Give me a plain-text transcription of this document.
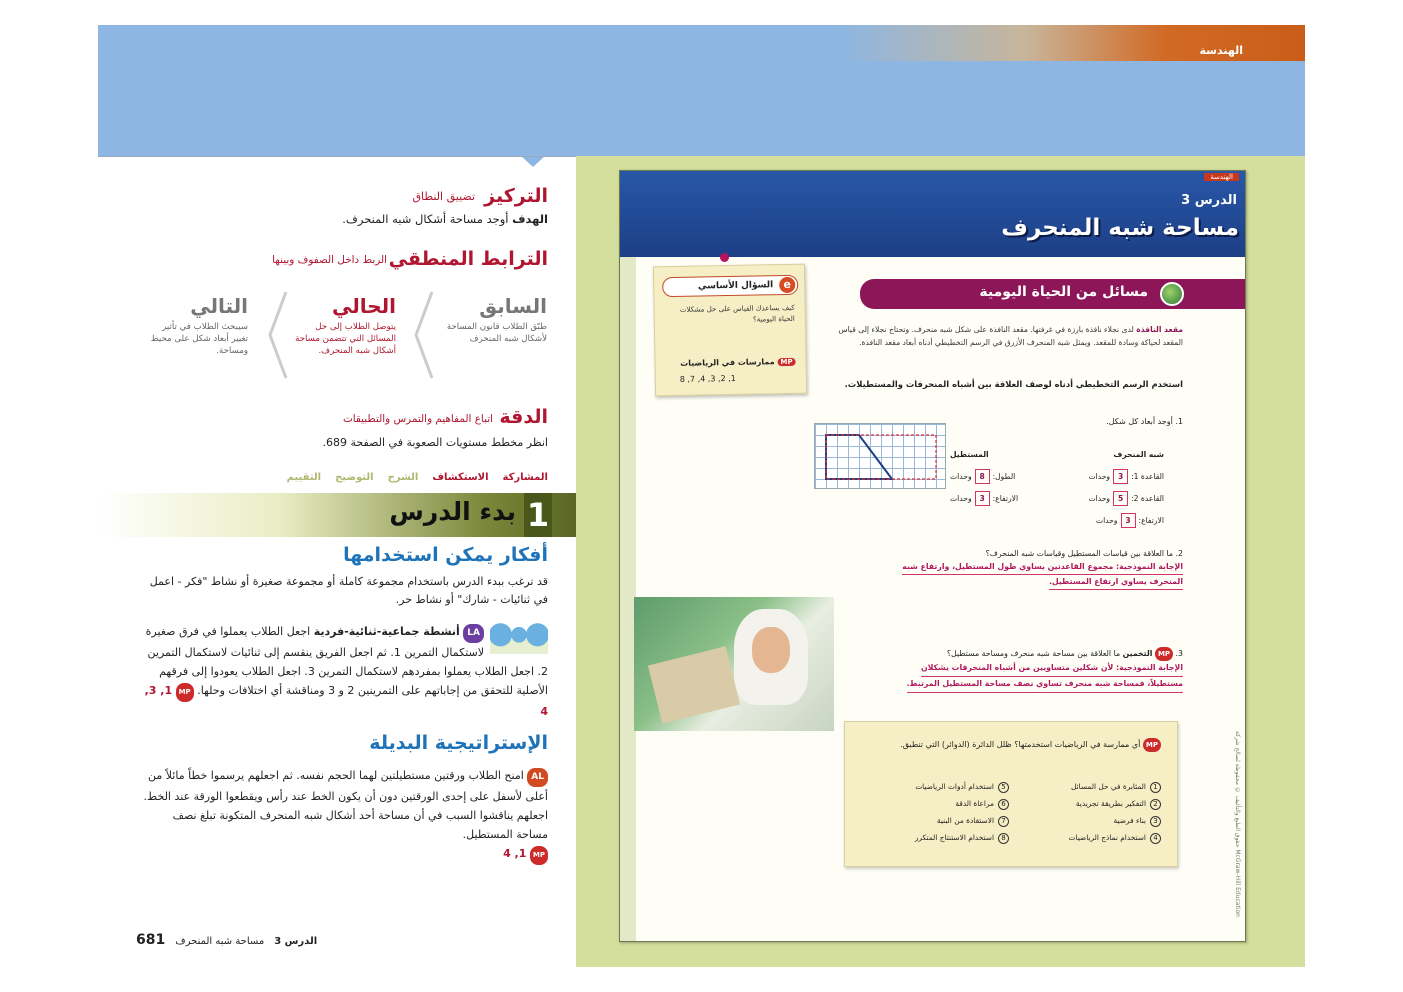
الهندسة
التركيز
تضييق النطاق
الهدف أوجد مساحة أشكال شبه المنحرف.
الترابط المنطقي
الربط داخل الصفوف وبينها
السابق
طبّق الطلاب قانون المساحة لأشكال شبه المنحرف
الحالي
يتوصل الطلاب إلى حل المسائل التي تتضمن مساحة أشكال شبه المنحرف.
التالي
سيبحث الطلاب في تأثير تغيير أبعاد شكل على محيط ومساحة.
الدقة
اتباع المفاهيم والتمرس والتطبيقات
انظر مخطط مستويات الصعوبة في الصفحة 689.
المشاركة
الاستكشاف
الشرح
التوضيح
التقييم
1
بدء الدرس
أفكار يمكن استخدامها
قد ترغب ببدء الدرس باستخدام مجموعة كاملة أو مجموعة صغيرة أو نشاط "فكر - اعمل في ثنائيات - شارك" أو نشاط حر.
LA أنشطة جماعية-ثنائية-فردية اجعل الطلاب يعملوا في فرق صغيرة لاستكمال التمرين 1. ثم اجعل الفريق ينقسم إلى ثنائيات لاستكمال التمرين 2. اجعل الطلاب يعملوا بمفردهم لاستكمال التمرين 3. اجعل الطلاب يعودوا إلى فرقهم الأصلية للتحقق من إجاباتهم على التمرينين 2 و 3 ومناقشة أي اختلافات وحلها. MP 1, 3, 4
الإستراتيجية البديلة
AL امنح الطلاب ورقتين مستطيلتين لهما الحجم نفسه. ثم اجعلهم يرسموا خطاً مائلاً من أعلى لأسفل على إحدى الورقتين دون أن يكون الخط عند رأس ويقطعوا الورقة عند الخط. اجعلهم يناقشوا السبب في أن مساحة أحد أشكال شبه المنحرف المتكونة تبلغ نصف مساحة المستطيل.
MP 1, 4
الدرس 3
مساحة شبه المنحرف
681
الهندسة
الدرس 3
مساحة شبه المنحرف
e
السؤال الأساسي
كيف يساعدك القياس على حل مشكلات الحياة اليومية؟
MP ممارسات في الرياضيات
1, 2, 3, 4, 7, 8
مسائل من الحياة اليومية
مقعد النافذة لدى نجلاء نافذة بارزة في غرفتها. مقعد النافذة على شكل شبه منحرف. وتحتاج نجلاء إلى قياس المقعد لحياكة وسادة للمقعد. ويمثل شبه المنحرف الأزرق في الرسم التخطيطي أدناه أبعاد مقعد النافذة.
استخدم الرسم التخطيطي أدناه لوصف العلاقة بين أشباه المنحرفات والمستطيلات.
1. أوجد أبعاد كل شكل.
شبه المنحرف
المستطيل
القاعدة 1:
3
وحدات
الطول:
8
وحدات
القاعدة 2:
5
وحدات
الارتفاع:
3
وحدات
الارتفاع:
3
وحدات
2. ما العلاقة بين قياسات المستطيل وقياسات شبه المنحرف؟
الإجابة النموذجية: مجموع القاعدتين يساوي طول المستطيل، وارتفاع شبه
المنحرف يساوي ارتفاع المستطيل.
3. MP التخمين ما العلاقة بين مساحة شبه منحرف ومساحة مستطيل؟
الإجابة النموذجية: لأن شكلين متساويين من أشباه المنحرفات يشكلان
مستطيلاً، فمساحة شبه منحرف تساوي نصف مساحة المستطيل المرتبط.
MP أي ممارسة في الرياضيات استخدمتها؟ ظلل الدائرة (الدوائر) التي تنطبق.
1المثابرة في حل المسائل
5استخدام أدوات الرياضيات
2التفكير بطريقة تجريدية
6مراعاة الدقة
3بناء فرضية
7الاستفادة من البنية
4استخدام نماذج الرياضيات
8استخدام الاستنتاج المتكرر	حقوق الطبع والتأليف © محفوظة لصالح شركة McGraw-Hill Education
